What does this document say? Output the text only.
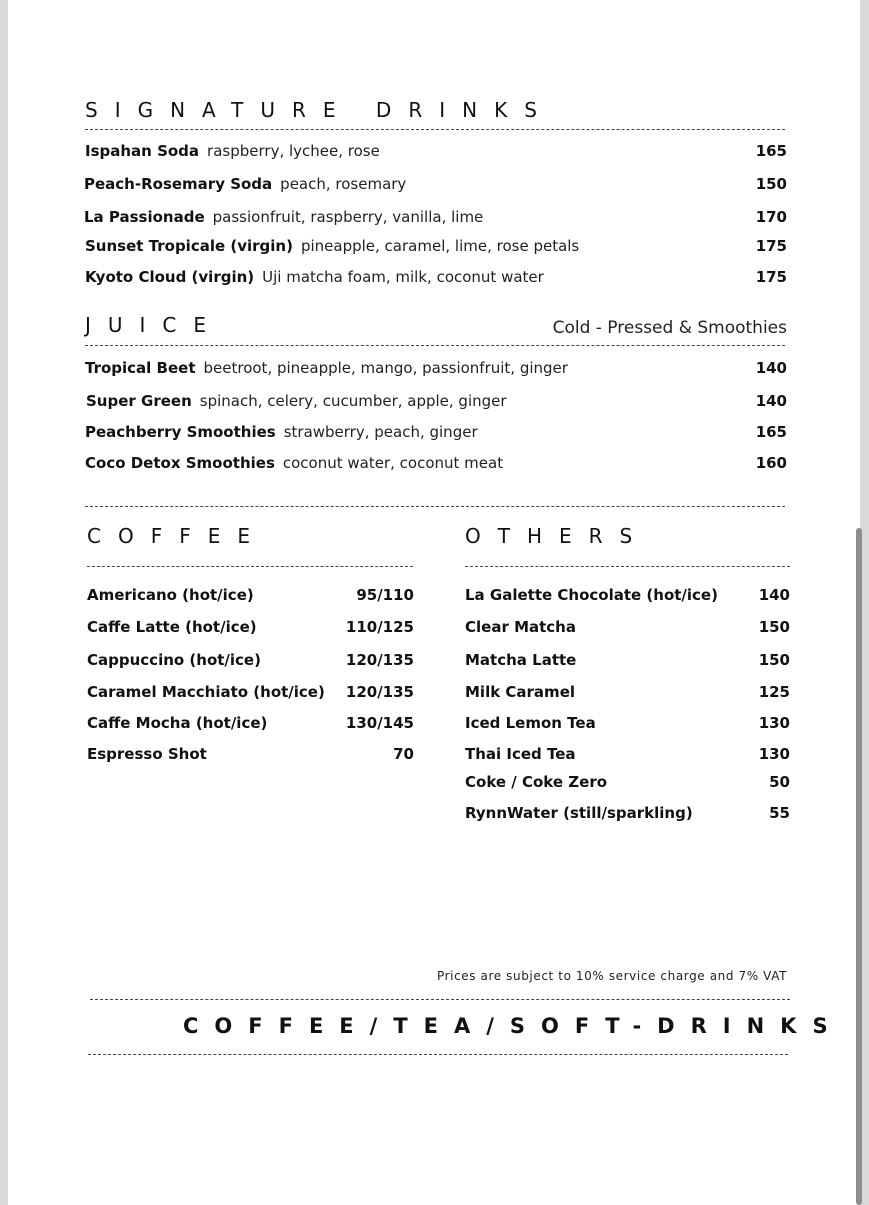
SIGNATURE DRINKS
Ispahan Soda raspberry, lychee, rose	165
Peach-Rosemary Soda peach, rosemary	150
La Passionade passionfruit, raspberry, vanilla, lime	170
Sunset Tropicale (virgin) pineapple, caramel, lime, rose petals	175
Kyoto Cloud (virgin) Uji matcha foam, milk, coconut water	175
JUICE	Cold - Pressed & Smoothies
Tropical Beet beetroot, pineapple, mango, passionfruit, ginger	140
Super Green spinach, celery, cucumber, apple, ginger	140
Peachberry Smoothies strawberry, peach, ginger	165
Coco Detox Smoothies coconut water, coconut meat	160
COFFEE
Americano (hot/ice)	95/110
Caffe Latte (hot/ice)	110/125
Cappuccino (hot/ice)	120/135
Caramel Macchiato (hot/ice) 120/135
Caffe Mocha (hot/ice)	130/145
Espresso Shot	70
OTHERS
La Galette Chocolate (hot/ice)	140
Clear Matcha	150
Matcha Latte	150
Milk Caramel	125
Iced Lemon Tea	130
Thai Iced Tea	130
Coke / Coke Zero	50
RynnWater (still/sparkling)	55
Prices are subject to 10% service charge and 7% VAT
COFFEE/TEA/SOFT-DRINKS
